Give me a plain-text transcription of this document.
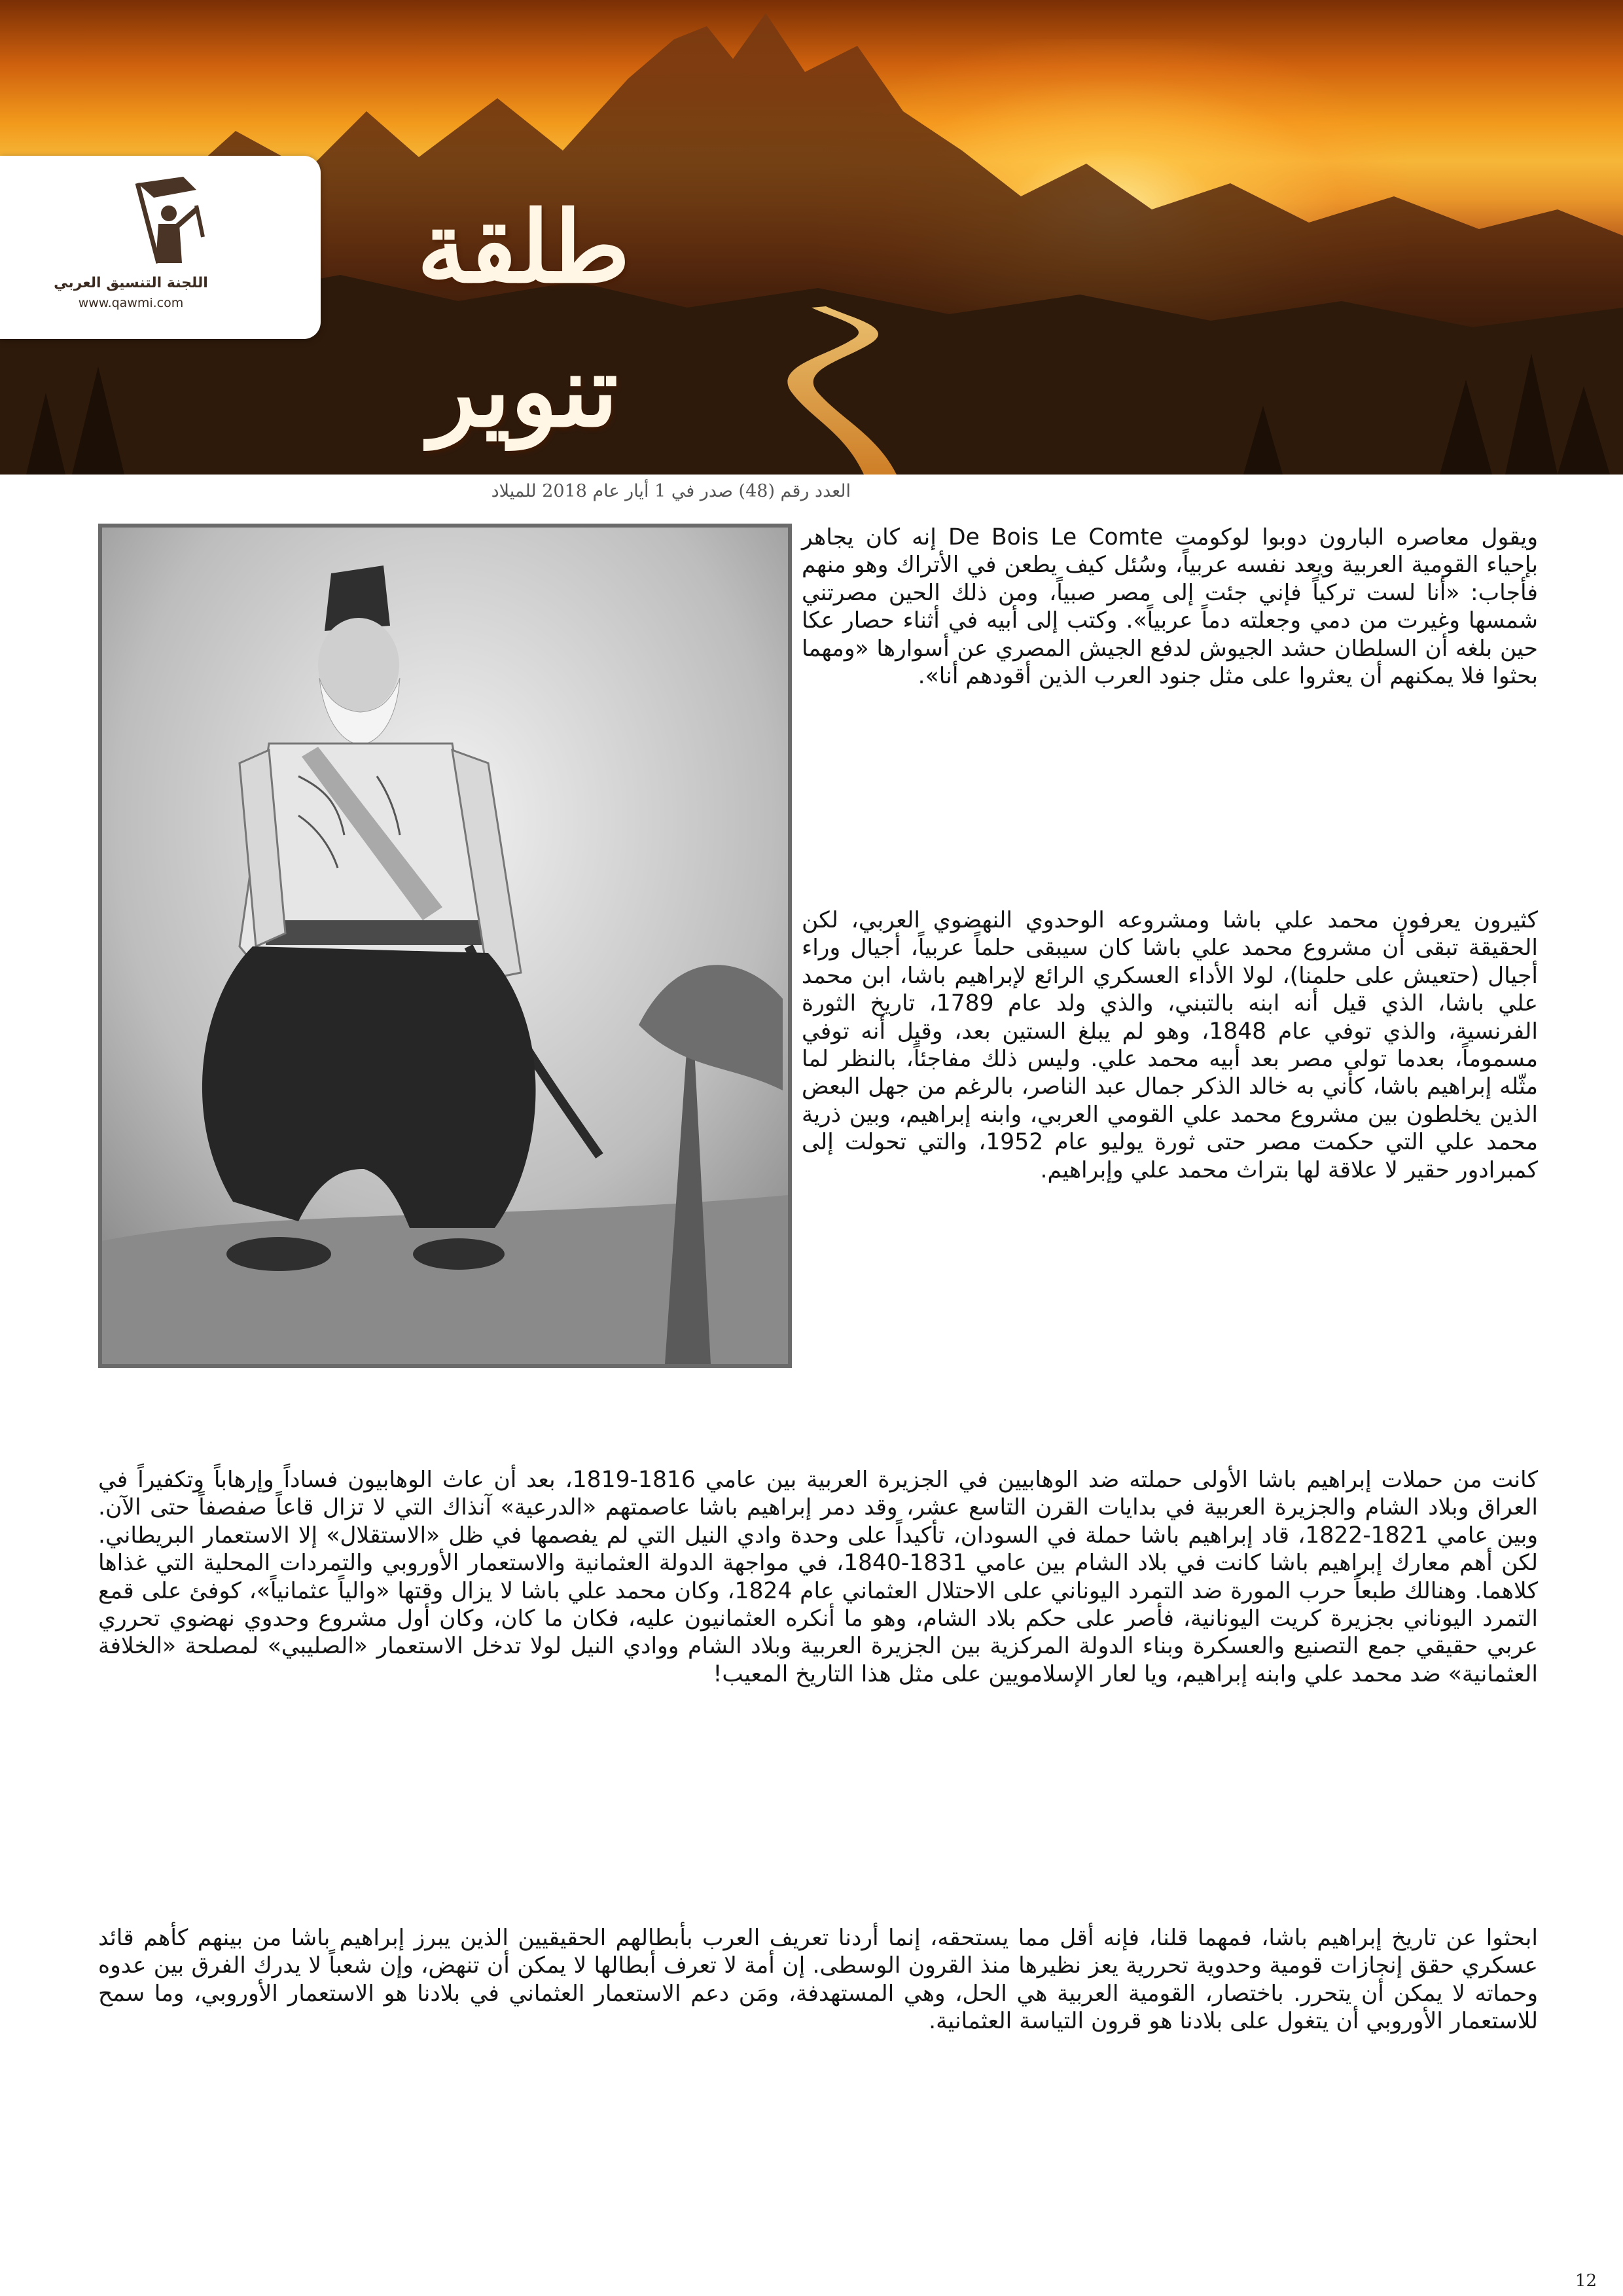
اللجنة التنسيق العربي
www.qawmi.com	طلقة تنوير
العدد رقم (48) صدر في 1 أيار عام 2018 للميلاد
ويقول معاصره البارون دوبوا لوكومت De Bois Le Comte إنه كان يجاهر بإحياء القومية العربية ويعد نفسه عربياً، وسُئل كيف يطعن في الأتراك وهو منهم فأجاب: «أنا لست تركياً فإني جئت إلى مصر صبياً، ومن ذلك الحين مصرتني شمسها وغيرت من دمي وجعلته دماً عربياً». وكتب إلى أبيه في أثناء حصار عكا حين بلغه أن السلطان حشد الجيوش لدفع الجيش المصري عن أسوارها «ومهما بحثوا فلا يمكنهم أن يعثروا على مثل جنود العرب الذين أقودهم أنا».
كثيرون يعرفون محمد علي باشا ومشروعه الوحدوي النهضوي العربي، لكن الحقيقة تبقى أن مشروع محمد علي باشا كان سيبقى حلماً عربياً، أجيال وراء أجيال (حتعيش على حلمنا)، لولا الأداء العسكري الرائع لإبراهيم باشا، ابن محمد علي باشا، الذي قيل أنه ابنه بالتبني، والذي ولد عام 1789، تاريخ الثورة الفرنسية، والذي توفي عام 1848، وهو لم يبلغ الستين بعد، وقيل أنه توفي مسموماً، بعدما تولى مصر بعد أبيه محمد علي. وليس ذلك مفاجئاً، بالنظر لما مثّله إبراهيم باشا، كأني به خالد الذكر جمال عبد الناصر، بالرغم من جهل البعض الذين يخلطون بين مشروع محمد علي القومي العربي، وابنه إبراهيم، وبين ذرية محمد علي التي حكمت مصر حتى ثورة يوليو عام 1952، والتي تحولت إلى كمبرادور حقير لا علاقة لها بتراث محمد علي وإبراهيم.
كانت من حملات إبراهيم باشا الأولى حملته ضد الوهابيين في الجزيرة العربية بين عامي 1816-1819، بعد أن عاث الوهابيون فساداً وإرهاباً وتكفيراً في العراق وبلاد الشام والجزيرة العربية في بدايات القرن التاسع عشر، وقد دمر إبراهيم باشا عاصمتهم «الدرعية» آنذاك التي لا تزال قاعاً صفصفاً حتى الآن. وبين عامي 1821-1822، قاد إبراهيم باشا حملة في السودان، تأكيداً على وحدة وادي النيل التي لم يفصمها في ظل «الاستقلال» إلا الاستعمار البريطاني. لكن أهم معارك إبراهيم باشا كانت في بلاد الشام بين عامي 1831-1840، في مواجهة الدولة العثمانية والاستعمار الأوروبي والتمردات المحلية التي غذاها كلاهما. وهنالك طبعاً حرب المورة ضد التمرد اليوناني على الاحتلال العثماني عام 1824، وكان محمد علي باشا لا يزال وقتها «والياً عثمانياً»، كوفئ على قمع التمرد اليوناني بجزيرة كريت اليونانية، فأصر على حكم بلاد الشام، وهو ما أنكره العثمانيون عليه، فكان ما كان، وكان أول مشروع وحدوي نهضوي تحرري عربي حقيقي جمع التصنيع والعسكرة وبناء الدولة المركزية بين الجزيرة العربية وبلاد الشام ووادي النيل لولا تدخل الاستعمار «الصليبي» لمصلحة «الخلافة العثمانية» ضد محمد علي وابنه إبراهيم، ويا لعار الإسلامويين على مثل هذا التاريخ المعيب!
ابحثوا عن تاريخ إبراهيم باشا، فمهما قلنا، فإنه أقل مما يستحقه، إنما أردنا تعريف العرب بأبطالهم الحقيقيين الذين يبرز إبراهيم باشا من بينهم كأهم قائد عسكري حقق إنجازات قومية وحدوية تحررية يعز نظيرها منذ القرون الوسطى. إن أمة لا تعرف أبطالها لا يمكن أن تنهض، وإن شعباً لا يدرك الفرق بين عدوه وحماته لا يمكن أن يتحرر. باختصار، القومية العربية هي الحل، وهي المستهدفة، ومَن دعم الاستعمار العثماني في بلادنا هو الاستعمار الأوروبي، وما سمح للاستعمار الأوروبي أن يتغول على بلادنا هو قرون التياسة العثمانية.
12
